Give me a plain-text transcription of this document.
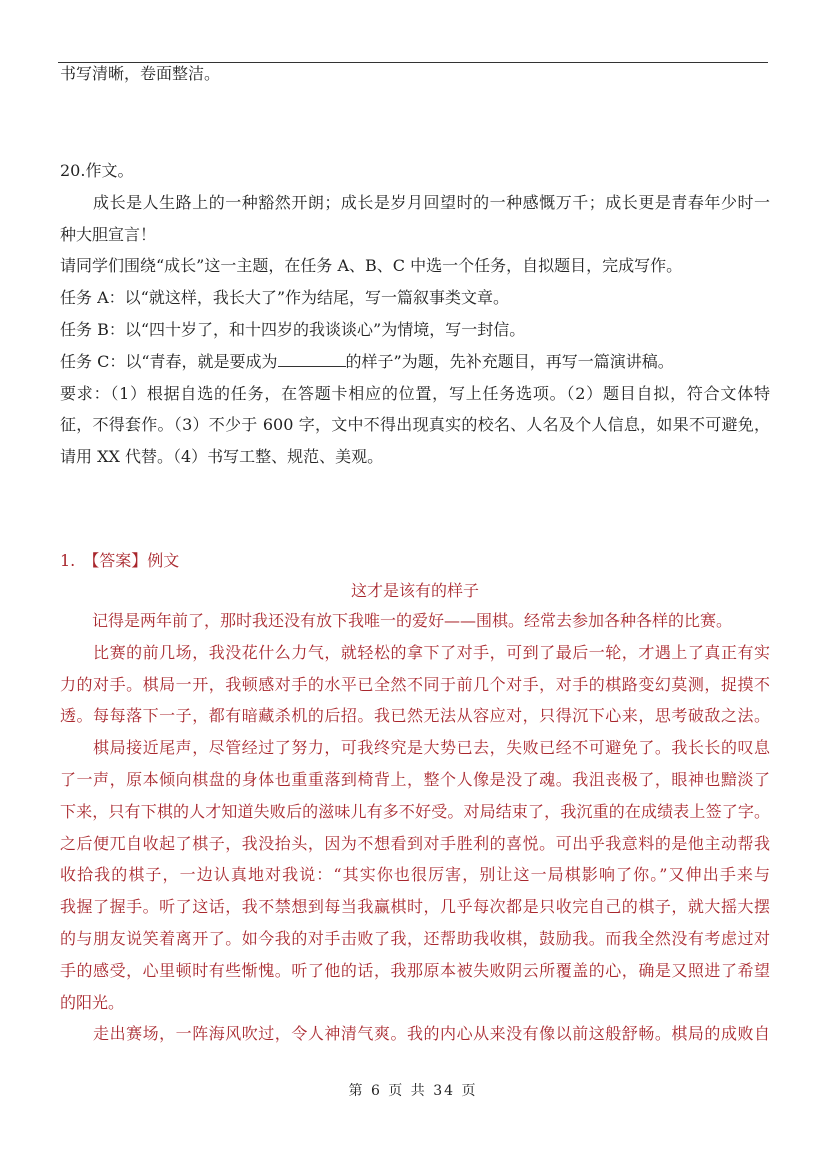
书写清晰，卷面整洁。
20.作文。
　　成长是人生路上的一种豁然开朗；成长是岁月回望时的一种感慨万千；成长更是青春年少时一
种大胆宣言！
请同学们围绕“成长”这一主题，在任务 A、B、C 中选一个任务，自拟题目，完成写作。
任务 A：以“就这样，我长大了”作为结尾，写一篇叙事类文章。
任务 B：以“四十岁了，和十四岁的我谈谈心”为情境，写一封信。
任务 C：以“青春，就是要成为	的样子”为题，先补充题目，再写一篇演讲稿。
要求：（1）根据自选的任务，在答题卡相应的位置，写上任务选项。（2）题目自拟，符合文体特
征，不得套作。（3）不少于 600 字，文中不得出现真实的校名、人名及个人信息，如果不可避免，
请用 XX 代替。（4）书写工整、规范、美观。
1.　【答案】例文
这才是该有的样子
　　记得是两年前了，那时我还没有放下我唯一的爱好——围棋。经常去参加各种各样的比赛。
　　比赛的前几场，我没花什么力气，就轻松的拿下了对手，可到了最后一轮，才遇上了真正有实
力的对手。棋局一开，我顿感对手的水平已全然不同于前几个对手，对手的棋路变幻莫测，捉摸不
透。每每落下一子，都有暗藏杀机的后招。我已然无法从容应对，只得沉下心来，思考破敌之法。
　　棋局接近尾声，尽管经过了努力，可我终究是大势已去，失败已经不可避免了。我长长的叹息
了一声，原本倾向棋盘的身体也重重落到椅背上，整个人像是没了魂。我沮丧极了，眼神也黯淡了
下来，只有下棋的人才知道失败后的滋味儿有多不好受。对局结束了，我沉重的在成绩表上签了字。
之后便兀自收起了棋子，我没抬头，因为不想看到对手胜利的喜悦。可出乎我意料的是他主动帮我
收拾我的棋子，一边认真地对我说：“其实你也很厉害，别让这一局棋影响了你。”又伸出手来与
我握了握手。听了这话，我不禁想到每当我赢棋时，几乎每次都是只收完自己的棋子，就大摇大摆
的与朋友说笑着离开了。如今我的对手击败了我，还帮助我收棋，鼓励我。而我全然没有考虑过对
手的感受，心里顿时有些惭愧。听了他的话，我那原本被失败阴云所覆盖的心，确是又照进了希望
的阳光。
　　走出赛场，一阵海风吹过，令人神清气爽。我的内心从来没有像以前这般舒畅。棋局的成败自
第 6 页 共 34 页
